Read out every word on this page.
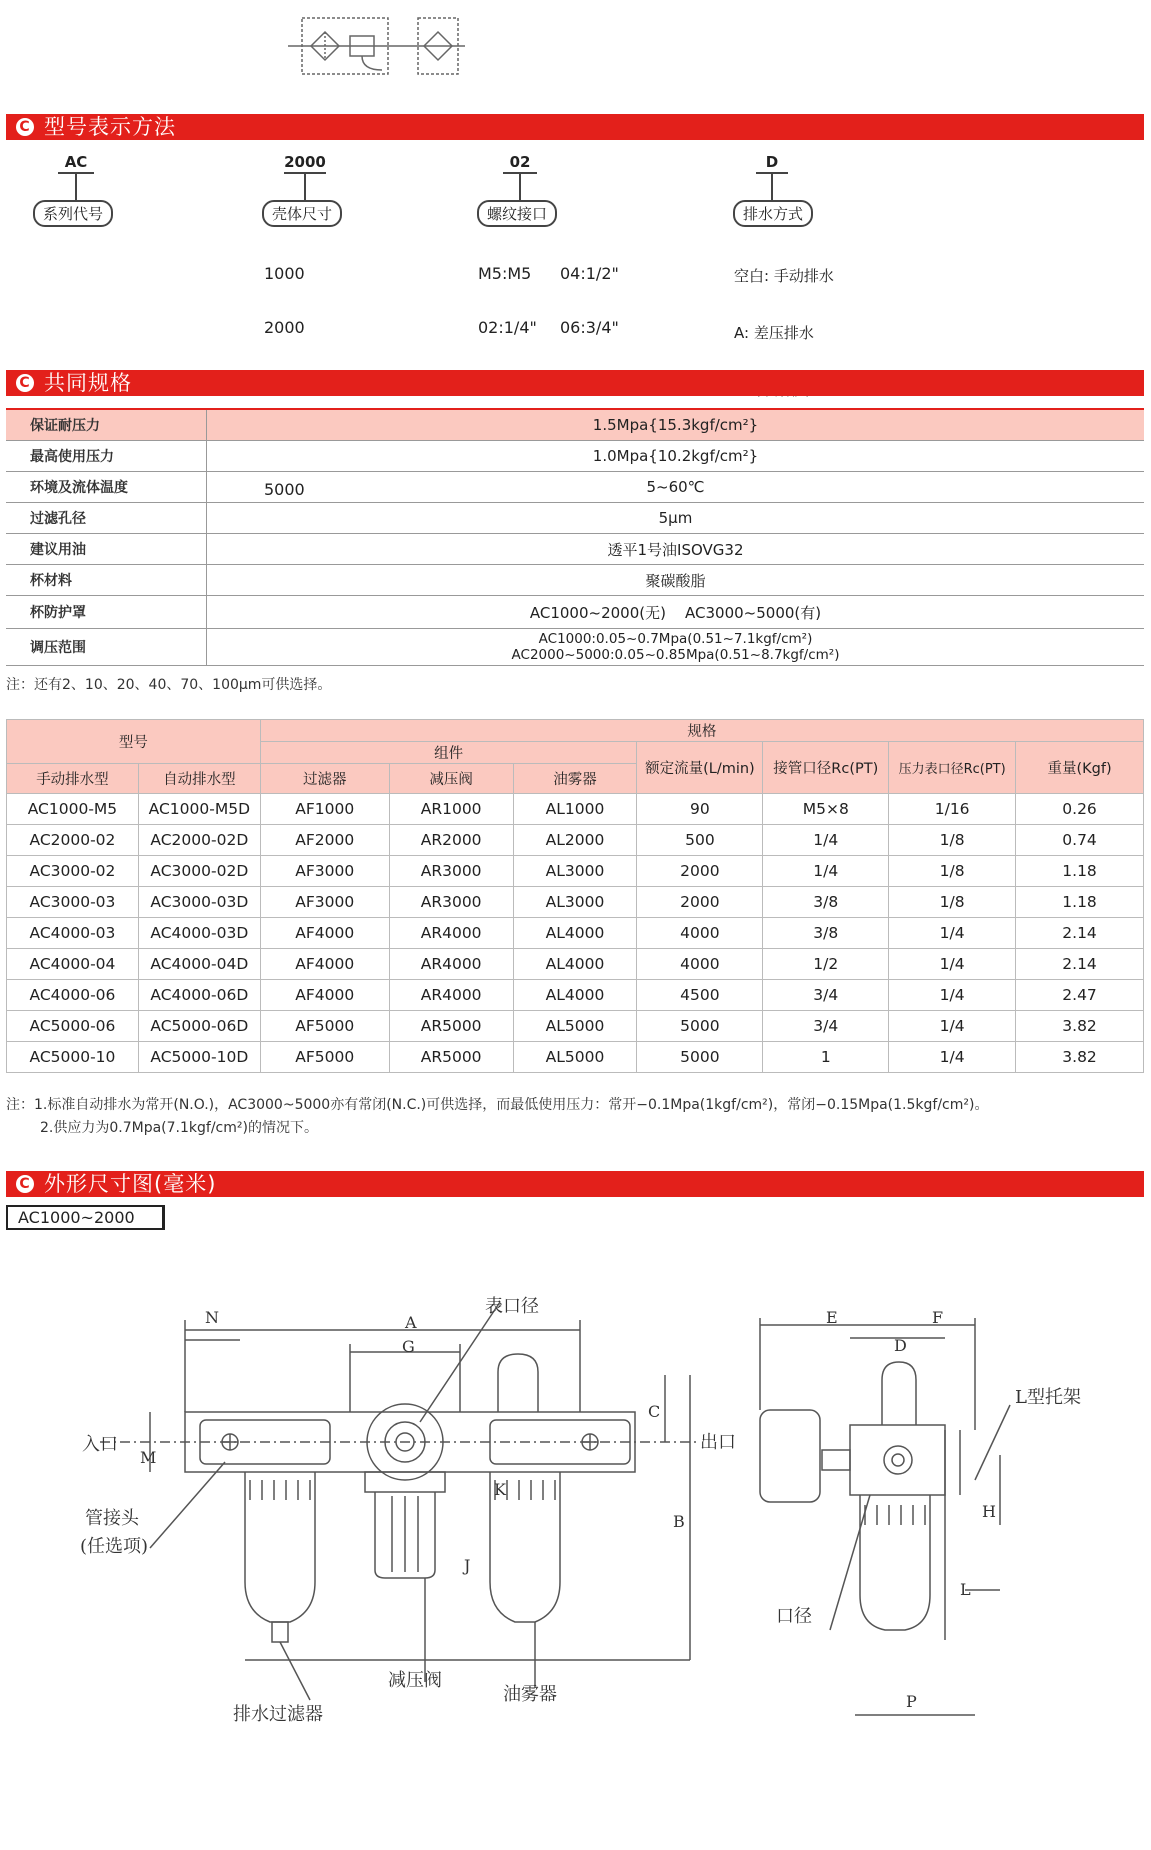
C 型号表示方法
AC
系列代号
2000
壳体尺寸

1000

2000

5000

02
螺纹接口

M5:M5 04:1/2"

02:1/4" 06:3/4"

D
排水方式

空白: 手动排水

A: 差压排水

C 共同规格
保证耐压力	1.5Mpa{15.3kgf/cm²}
最高使用压力	1.0Mpa{10.2kgf/cm²}
环境及流体温度	5~60℃
过滤孔径	5μm
建议用油	透平1号油ISOVG32
杯材料	聚碳酸脂
杯防护罩	AC1000~2000(无)    AC3000~5000(有)
调压范围	AC1000:0.05~0.7Mpa(0.51~7.1kgf/cm²)
AC2000~5000:0.05~0.85Mpa(0.51~8.7kgf/cm²)
注：还有2、10、20、40、70、100μm可供选择。
型号		规格						
		组件			额定流量(L/min)	接管口径Rc(PT)	压力表口径Rc(PT)	重量(Kgf)
手动排水型	自动排水型	过滤器	减压阀	油雾器				
AC1000-M5	AC1000-M5D	AF1000	AR1000	AL1000	90	M5×8	1/16	0.26
AC2000-02	AC2000-02D	AF2000	AR2000	AL2000	500	1/4	1/8	0.74
AC3000-02	AC3000-02D	AF3000	AR3000	AL3000	2000	1/4	1/8	1.18
AC3000-03	AC3000-03D	AF3000	AR3000	AL3000	2000	3/8	1/8	1.18
AC4000-03	AC4000-03D	AF4000	AR4000	AL4000	4000	3/8	1/4	2.14
AC4000-04	AC4000-04D	AF4000	AR4000	AL4000	4000	1/2	1/4	2.14
AC4000-06	AC4000-06D	AF4000	AR4000	AL4000	4500	3/4	1/4	2.47
AC5000-06	AC5000-06D	AF5000	AR5000	AL5000	5000	3/4	1/4	3.82
AC5000-10	AC5000-10D	AF5000	AR5000	AL5000	5000	1	1/4	3.82
注：1.标准自动排水为常开(N.O.)，AC3000~5000亦有常闭(N.C.)可供选择，而最低使用压力：常开−0.1Mpa(1kgf/cm²)，常闭−0.15Mpa(1.5kgf/cm²)。
2.供应力为0.7Mpa(7.1kgf/cm²)的情况下。
C 外形尺寸图(毫米)
AC1000~2000
表口径
入口	出口
管接头
(任选项)
减压阀
油雾器
排水过滤器
L型托架
口径
N	A
G
C
M
B
K
J
E	F
D
H
L
P
